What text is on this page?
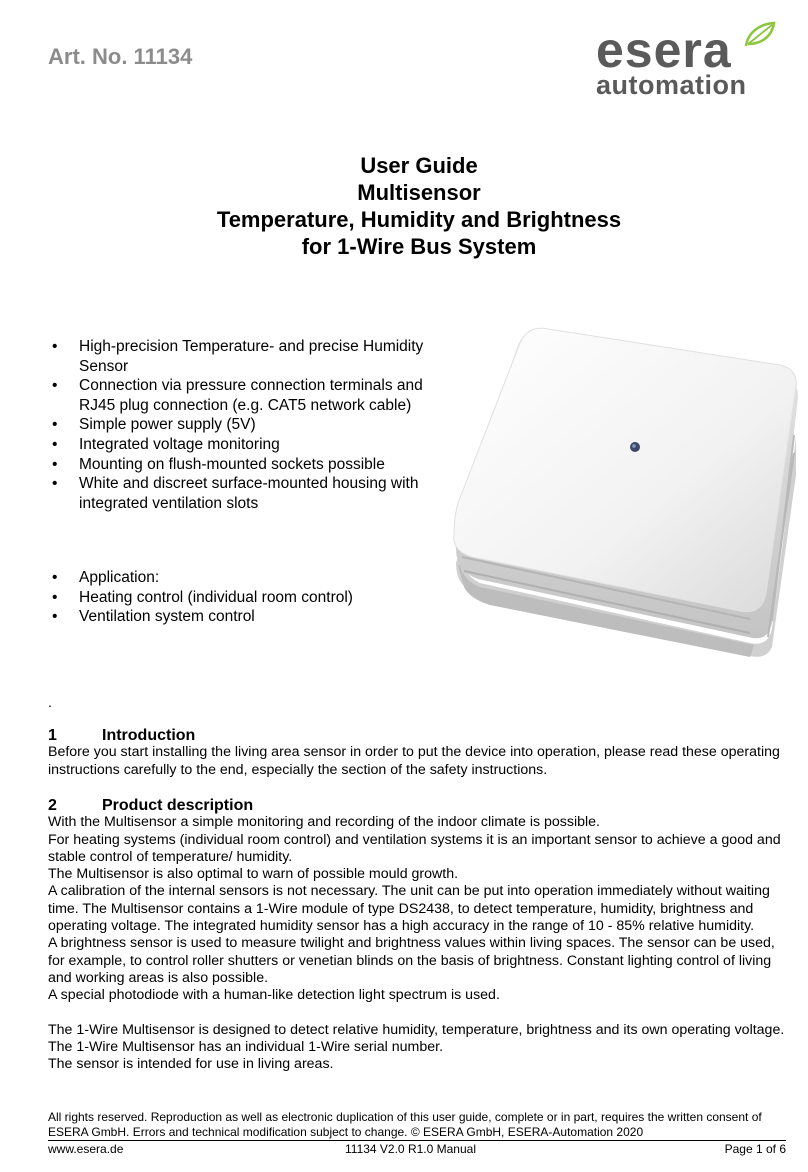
Art. No. 11134	esera
automation
User Guide
Multisensor
Temperature, Humidity and Brightness
for 1-Wire Bus System
• High-precision Temperature- and precise Humidity Sensor
• Connection via pressure connection terminals and RJ45 plug connection (e.g. CAT5 network cable)
• Simple power supply (5V)
• Integrated voltage monitoring
• Mounting on flush-mounted sockets possible
• White and discreet surface-mounted housing with integrated ventilation slots
• Application:
• Heating control (individual room control)
• Ventilation system control
.
1	Introduction

Before you start installing the living area sensor in order to put the device into operation, please read these operating instructions carefully to the end, especially the section of the safety instructions.

2	Product description

With the Multisensor a simple monitoring and recording of the indoor climate is possible.

For heating systems (individual room control) and ventilation systems it is an important sensor to achieve a good and stable control of temperature/ humidity.

The Multisensor is also optimal to warn of possible mould growth.

A calibration of the internal sensors is not necessary. The unit can be put into operation immediately without waiting time. The Multisensor contains a 1-Wire module of type DS2438, to detect temperature, humidity, brightness and operating voltage. The integrated humidity sensor has a high accuracy in the range of 10 - 85% relative humidity.

A brightness sensor is used to measure twilight and brightness values within living spaces. The sensor can be used, for example, to control roller shutters or venetian blinds on the basis of brightness. Constant lighting control of living and working areas is also possible.

A special photodiode with a human-like detection light spectrum is used.

The 1-Wire Multisensor is designed to detect relative humidity, temperature, brightness and its own operating voltage. The 1-Wire Multisensor has an individual 1-Wire serial number.

The sensor is intended for use in living areas.

All rights reserved. Reproduction as well as electronic duplication of this user guide, complete or in part, requires the written consent of ESERA GmbH. Errors and technical modification subject to change. © ESERA GmbH, ESERA-Automation 2020
www.esera.de	11134 V2.0 R1.0 Manual	Page 1 of 6
